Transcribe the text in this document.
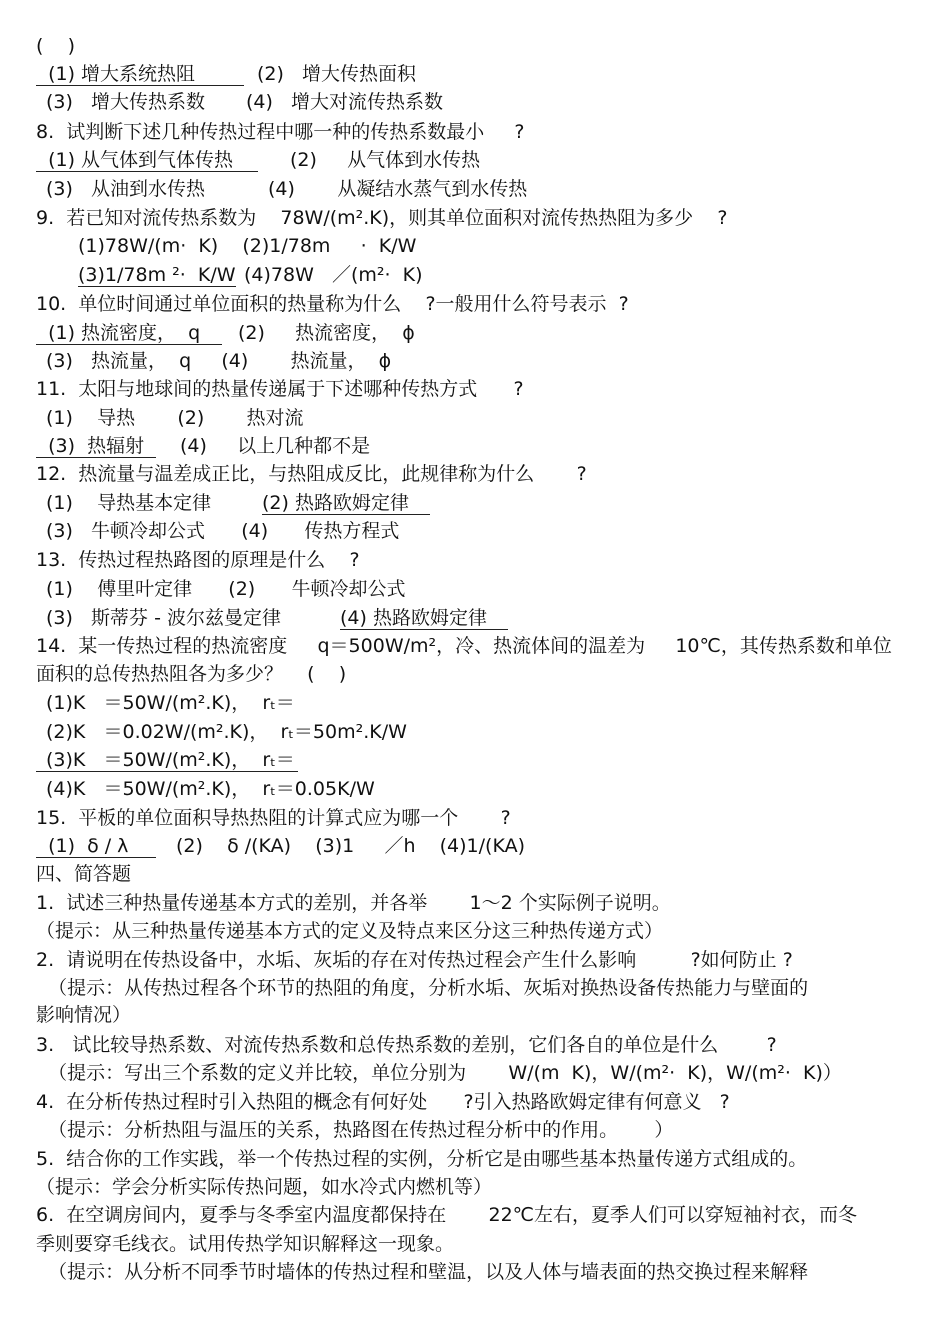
(    )
(1) 增大系统热阻	(2)   增大传热面积
(3)   增大传热系数 (4)   增大对流传热系数
8.  试判断下述几种传热过程中哪一种的传热系数最小     ?
(1) 从气体到气体传热	(2)     从气体到水传热
(3)   从油到水传热	(4)       从凝结水蒸气到水传热
9.  若已知对流传热系数为    78W/(m².K)，则其单位面积对流传热热阻为多少    ?
(1)78W/(m·  K)    (2)1/78m     ·  K/W
(3)1/78m ²·  K/W (4)78W   ／(m²·  K)
10.  单位时间通过单位面积的热量称为什么    ?一般用什么符号表示  ?
(1) 热流密度，  q	(2)     热流密度，  ϕ
(3)   热流量，  q     (4)       热流量，  ϕ
11.  太阳与地球间的热量传递属于下述哪种传热方式      ?
(1)    导热       (2)       热对流
(3)  热辐射	(4)     以上几种都不是
12.  热流量与温差成正比，与热阻成反比，此规律称为什么       ?
(1)    导热基本定律	(2) 热路欧姆定律
(3)   牛顿冷却公式      (4)      传热方程式
13.  传热过程热路图的原理是什么    ?
(1)    傅里叶定律      (2)      牛顿冷却公式
(3)   斯蒂芬 - 波尔兹曼定律	(4) 热路欧姆定律
14.  某一传热过程的热流密度     q＝500W/m²，冷、热流体间的温差为     10℃，其传热系数和单位
面积的总传热热阻各为多少？    (    )
(1)K   ＝50W/(m².K)，  rₜ＝
(2)K   ＝0.02W/(m².K)，  rₜ＝50m².K/W
(3)K   ＝50W/(m².K)，  rₜ＝
(4)K   ＝50W/(m².K)，  rₜ＝0.05K/W
15.  平板的单位面积导热热阻的计算式应为哪一个       ?
(1)  δ / λ	(2)    δ /(KA)    (3)1     ／h    (4)1/(KA)
四、简答题
1.  试述三种热量传递基本方式的差别，并各举       1～2 个实际例子说明。
（提示：从三种热量传递基本方式的定义及特点来区分这三种热传递方式）
2.  请说明在传热设备中，水垢、灰垢的存在对传热过程会产生什么影响         ?如何防止 ?
（提示：从传热过程各个环节的热阻的角度，分析水垢、灰垢对换热设备传热能力与壁面的
影响情况）
3.   试比较导热系数、对流传热系数和总传热系数的差别，它们各自的单位是什么        ?
（提示：写出三个系数的定义并比较，单位分别为       W/(m  K)，W/(m²·  K)，W/(m²·  K)）
4.  在分析传热过程时引入热阻的概念有何好处      ?引入热路欧姆定律有何意义   ?
（提示：分析热阻与温压的关系，热路图在传热过程分析中的作用。      ）
5.  结合你的工作实践，举一个传热过程的实例，分析它是由哪些基本热量传递方式组成的。
（提示：学会分析实际传热问题，如水冷式内燃机等）
6.  在空调房间内，夏季与冬季室内温度都保持在       22℃左右，夏季人们可以穿短袖衬衣，而冬
季则要穿毛线衣。试用传热学知识解释这一现象。
（提示：从分析不同季节时墙体的传热过程和壁温，以及人体与墙表面的热交换过程来解释
